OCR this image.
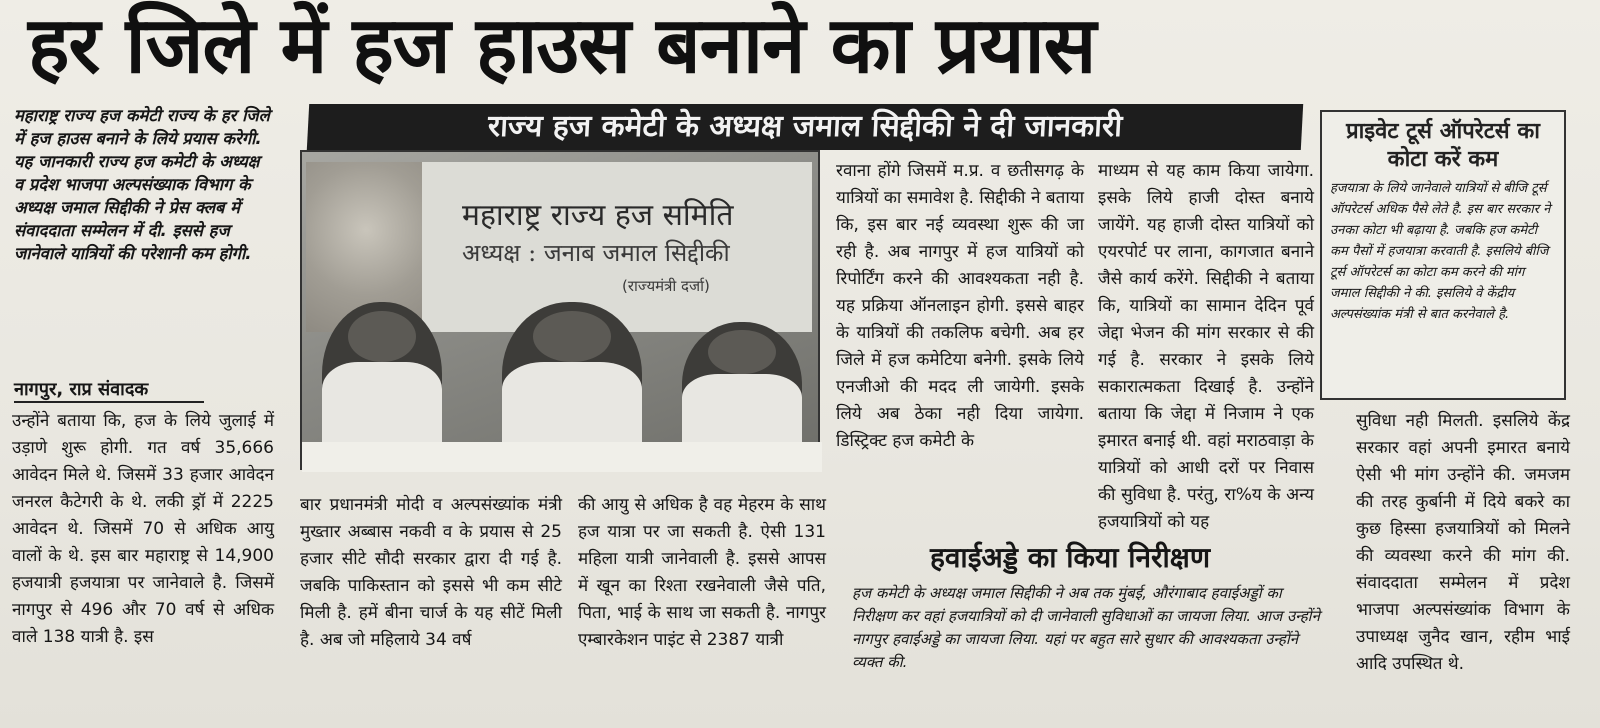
हर जिले में हज हाउस बनाने का प्रयास
महाराष्ट्र राज्य हज कमेटी राज्य के हर जिले में हज हाउस बनाने के लिये प्रयास करेगी. यह जानकारी राज्य हज कमेटी के अध्यक्ष व प्रदेश भाजपा अल्पसंख्याक विभाग के अध्यक्ष जमाल सिद्दीकी ने प्रेस क्लब में संवाददाता सम्मेलन में दी. इससे हज जानेवाले यात्रियों की परेशानी कम होगी.
नागपुर, राप्र संवादक
राज्य हज कमेटी के अध्यक्ष जमाल सिद्दीकी ने दी जानकारी
महाराष्ट्र राज्य हज समिति
अध्यक्ष : जनाब जमाल सिद्दीकी
(राज्यमंत्री दर्जा)
उन्होंने बताया कि, हज के लिये जुलाई में उड़ाणे शुरू होगी. गत वर्ष 35,666 आवेदन मिले थे. जिसमें 33 हजार आवेदन जनरल कैटेगरी के थे. लकी ड्रॉ में 2225 आवेदन थे. जिसमें 70 से अधिक आयु वालों के थे. इस बार महाराष्ट्र से 14,900 हजयात्री हजयात्रा पर जानेवाले है. जिसमें नागपुर से 496 और 70 वर्ष से अधिक वाले 138 यात्री है. इस
बार प्रधानमंत्री मोदी व अल्पसंख्यांक मंत्री मुख्तार अब्बास नकवी व के प्रयास से 25 हजार सीटे सौदी सरकार द्वारा दी गई है. जबकि पाकिस्तान को इससे भी कम सीटे मिली है. हमें बीना चार्ज के यह सीटें मिली है. अब जो महिलाये 34 वर्ष
की आयु से अधिक है वह मेहरम के साथ हज यात्रा पर जा सकती है. ऐसी 131 महिला यात्री जानेवाली है. इससे आपस में खून का रिश्ता रखनेवाली जैसे पति, पिता, भाई के साथ जा सकती है. नागपुर एम्बारकेशन पाइंट से 2387 यात्री
रवाना होंगे जिसमें म.प्र. व छतीसगढ़ के यात्रियों का समावेश है. सिद्दीकी ने बताया कि, इस बार नई व्यवस्था शुरू की जा रही है. अब नागपुर में हज यात्रियों को रिपोर्टिंग करने की आवश्यकता नही है. यह प्रक्रिया ऑनलाइन होगी. इससे बाहर के यात्रियों की तकलिफ बचेगी. अब हर जिले में हज कमेटिया बनेगी. इसके लिये एनजीओ की मदद ली जायेगी. इसके लिये अब ठेका नही दिया जायेगा. डिस्ट्रिक्ट हज कमेटी के
माध्यम से यह काम किया जायेगा. इसके लिये हाजी दोस्त बनाये जायेंगे. यह हाजी दोस्त यात्रियों को एयरपोर्ट पर लाना, कागजात बनाने जैसे कार्य करेंगे. सिद्दीकी ने बताया कि, यात्रियों का सामान देदिन पूर्व जेद्दा भेजन की मांग सरकार से की गई है. सरकार ने इसके लिये सकारात्मकता दिखाई है. उन्होंने बताया कि जेद्दा में निजाम ने एक इमारत बनाई थी. वहां मराठवाड़ा के यात्रियों को आधी दरों पर निवास की सुविधा है. परंतु, रा%य के अन्य हजयात्रियों को यह
प्राइवेट टूर्स ऑपरेटर्स का कोटा करें कम
हजयात्रा के लिये जानेवाले यात्रियों से बीजि टूर्स ऑपरेटर्स अधिक पैसे लेते है. इस बार सरकार ने उनका कोटा भी बढ़ाया है. जबकि हज कमेटी कम पैसों में हजयात्रा करवाती है. इसलिये बीजि टूर्स ऑपरेटर्स का कोटा कम करने की मांग जमाल सिद्दीकी ने की. इसलिये वे केंद्रीय अल्पसंख्यांक मंत्री से बात करनेवाले है.
सुविधा नही मिलती. इसलिये केंद्र सरकार वहां अपनी इमारत बनाये ऐसी भी मांग उन्होंने की. जमजम की तरह कुर्बानी में दिये बकरे का कुछ हिस्सा हजयात्रियों को मिलने की व्यवस्था करने की मांग की. संवाददाता सम्मेलन में प्रदेश भाजपा अल्पसंख्यांक विभाग के उपाध्यक्ष जुनैद खान, रहीम भाई आदि उपस्थित थे.
हवाईअड्डे का किया निरीक्षण
हज कमेटी के अध्यक्ष जमाल सिद्दीकी ने अब तक मुंबई, औरंगाबाद हवाईअड्डों का निरीक्षण कर वहां हजयात्रियों को दी जानेवाली सुविधाओं का जायजा लिया. आज उन्होंने नागपुर हवाईअड्डे का जायजा लिया. यहां पर बहुत सारे सुधार की आवश्यकता उन्होंने व्यक्त की.
